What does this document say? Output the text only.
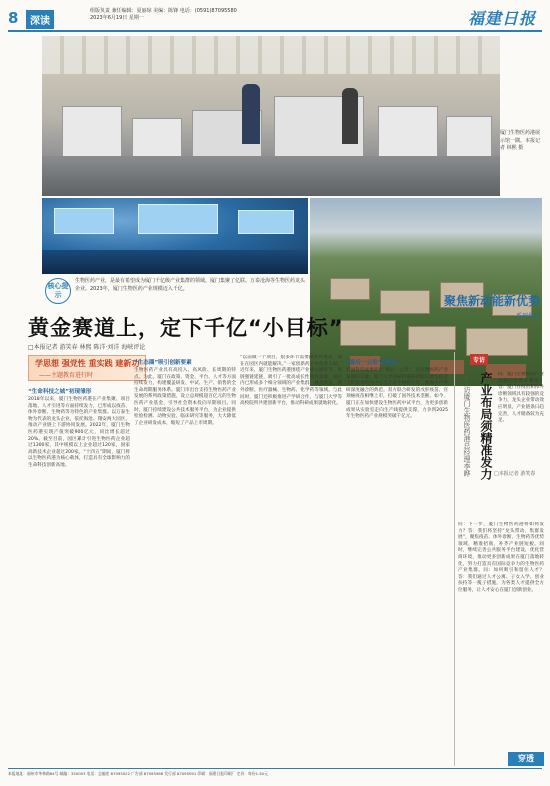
8	深读
组版负责 兼任编辑：夏丽琼 美编：陈锋 电话：(0591)87095580
2023年6月19日 星期一	福建日报
厦门生物医药港展示馆一隅。本报记者 林熙 摄
核心提示
生物医药产业，是最有希望成为厦门千亿级产业集群的领域。厦门集聚了亿联、万泰沧海等生物医药龙头企业。2023年，厦门生物医药产业规模迈入千亿。
聚焦新动能新优势
系列报道
黄金赛道上，定下千亿“小目标”
□本报记者 游笑春 林熙 陈洋·刘洋 海峡评论
学思想 强党性 重实践 建新功
——主题教育进行时
“生命科技之城”初现雏形
2018年以来，厦门生物医药港在产业集聚、项目落地、人才引进等方面持续发力，已形成以疫苗、体外诊断、生物药等为特色的产业集群。以万泰生物为代表的龙头企业，依托海沧、翔安两大园区，推动产业链上下游协同发展。2022年，厦门生物医药港实现产值突破900亿元，同比增长超过20%。截至目前，园区累计引进生物医药企业超过1300家，其中规模以上企业超过120家，国家高新技术企业超过200家。“十四五”期间，厦门将以生物医药港为核心载体，打造具有全球影响力的生命科技创新高地。
“生态圈”吸引创新要素
生物医药产业具有高投入、高风险、长周期的特点。为此，厦门在政策、资金、平台、人才等方面持续发力，构建覆盖研发、中试、生产、销售的全生命周期服务体系。厦门市出台支持生物医药产业发展的系列政策措施，设立总规模超百亿元的生物医药产业基金，引导社会资本投向早期项目。同时，厦门持续建设公共技术服务平台，为企业提供检验检测、动物实验、临床研究等服务，大大降低了企业研发成本，缩短了产品上市周期。
“以前做一个项目，很多环节需要跑到外地去，现在在园区内就能解决。”一家创新药企业负责人说。近年来，厦门生物医药港围绕产业链关键环节，补链强链延链，吸引了一批高成长性项目落地。园区内已形成多个细分领域的产业集群，涵盖疫苗、体外诊断、医疗器械、生物药、化学药等领域。与此同时，厦门还积极推进产学研合作，与厦门大学等高校院所共建创新平台，推动科研成果就地转化。
“最后一公里”的破冰
打通科技成果转化“最后一公里”，是生物医药产业发展的关键。厦门大学国家传染病诊断试剂与疫苗工程技术研究中心与万泰生物的合作，被视为产学研深度融合的典范。双方联合研发的戊肝疫苗、宫颈癌疫苗相继上市，打破了国外技术垄断。如今，厦门正在加快建设生物医药中试平台，为更多创新成果从实验室走向生产线提供支撑，力争到2025年生物医药产业规模突破千亿元。
专访
——访厦门生物医药港总经理李晔 产业布局须精准发力 问：厦门生物医药产业发展的优势在哪里？答：厦门在疫苗和体外诊断领域具有较强的竞争力，龙头企业带动效应明显，产业链条日趋完善，人才储备较为充足。
□本报记者 游笑春
问：下一步，厦门生物医药港将如何发力？答：我们将坚持“龙头带动、集群发展”，聚焦疫苗、体外诊断、生物药等优势领域，精准招商，补齐产业链短板。同时，继续完善公共服务平台建设，优化营商环境，推动更多创新成果在厦门落地转化，努力打造具有国际竞争力的生物医药产业集群。问：如何吸引和留住人才？答：我们通过人才公寓、子女入学、创业扶持等一揽子措施，为各类人才提供全方位服务，让人才安心在厦门创新创业。
穿透
本报地址：福州市华林路84号 邮编：350003 电话：总编室 87095022 广告部 87095566 发行部 87095091 印刷：福建日报印刷厂 定价：每份1.50元
